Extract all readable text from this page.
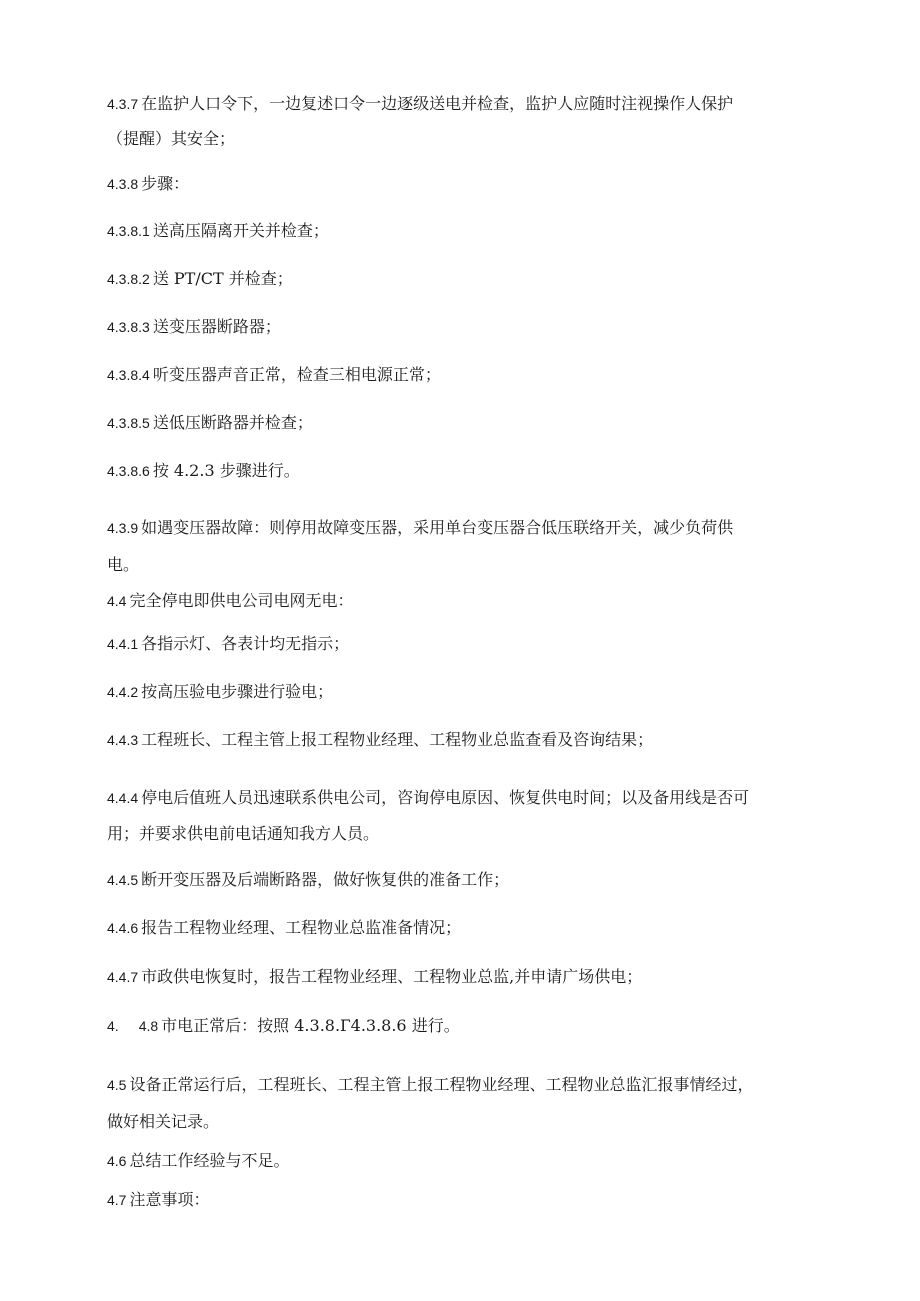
4.3.7 在监护人口令下，一边复述口令一边逐级送电并检查，监护人应随时注视操作人保护
（提醒）其安全；
4.3.8 步骤：
4.3.8.1 送高压隔离开关并检查；
4.3.8.2 送 PT/CT 并检查；
4.3.8.3 送变压器断路器；
4.3.8.4 听变压器声音正常，检查三相电源正常；
4.3.8.5 送低压断路器并检查；
4.3.8.6 按 4.2.3 步骤进行。
4.3.9 如遇变压器故障：则停用故障变压器，采用单台变压器合低压联络开关，减少负荷供
电。
4.4 完全停电即供电公司电网无电：
4.4.1 各指示灯、各表计均无指示；
4.4.2 按高压验电步骤进行验电；
4.4.3 工程班长、工程主管上报工程物业经理、工程物业总监查看及咨询结果；
4.4.4 停电后值班人员迅速联系供电公司，咨询停电原因、恢复供电时间；以及备用线是否可
用；并要求供电前电话通知我方人员。
4.4.5 断开变压器及后端断路器，做好恢复供的准备工作；
4.4.6 报告工程物业经理、工程物业总监准备情况；
4.4.7 市政供电恢复时，报告工程物业经理、工程物业总监,并申请广场供电；
4. 4.8 市电正常后：按照 4.3.8.Г4.3.8.6 进行。
4.5 设备正常运行后，工程班长、工程主管上报工程物业经理、工程物业总监汇报事情经过，
做好相关记录。
4.6 总结工作经验与不足。
4.7 注意事项：
